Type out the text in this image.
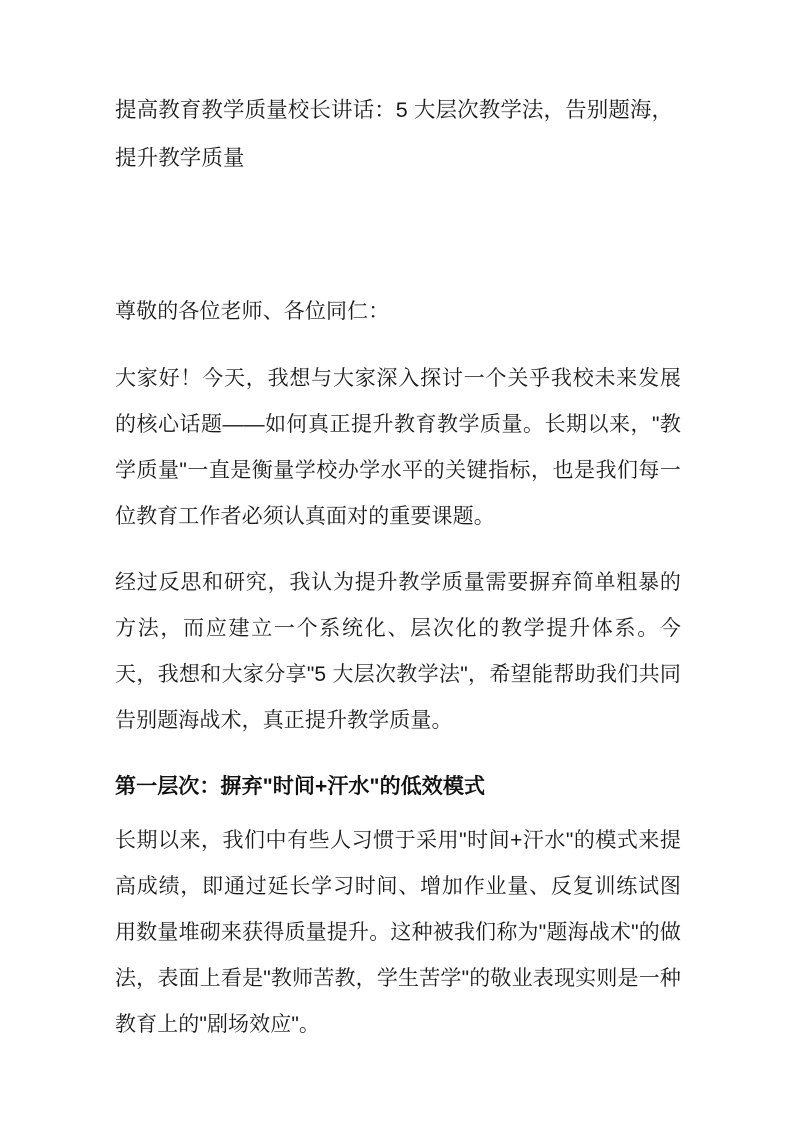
提高教育教学质量校长讲话：5 大层次教学法，告别题海，
提升教学质量

尊敬的各位老师、各位同仁：

大家好！今天，我想与大家深入探讨一个关乎我校未来发展的核心话题——如何真正提升教育教学质量。长期以来，"教学质量"一直是衡量学校办学水平的关键指标，也是我们每一位教育工作者必须认真面对的重要课题。

经过反思和研究，我认为提升教学质量需要摒弃简单粗暴的方法，而应建立一个系统化、层次化的教学提升体系。今天，我想和大家分享"5 大层次教学法"，希望能帮助我们共同告别题海战术，真正提升教学质量。

第一层次：摒弃"时间+汗水"的低效模式

长期以来，我们中有些人习惯于采用"时间+汗水"的模式来提高成绩，即通过延长学习时间、增加作业量、反复训练试图用数量堆砌来获得质量提升。这种被我们称为"题海战术"的做法，表面上看是"教师苦教，学生苦学"的敬业表现实则是一种教育上的"剧场效应"。
